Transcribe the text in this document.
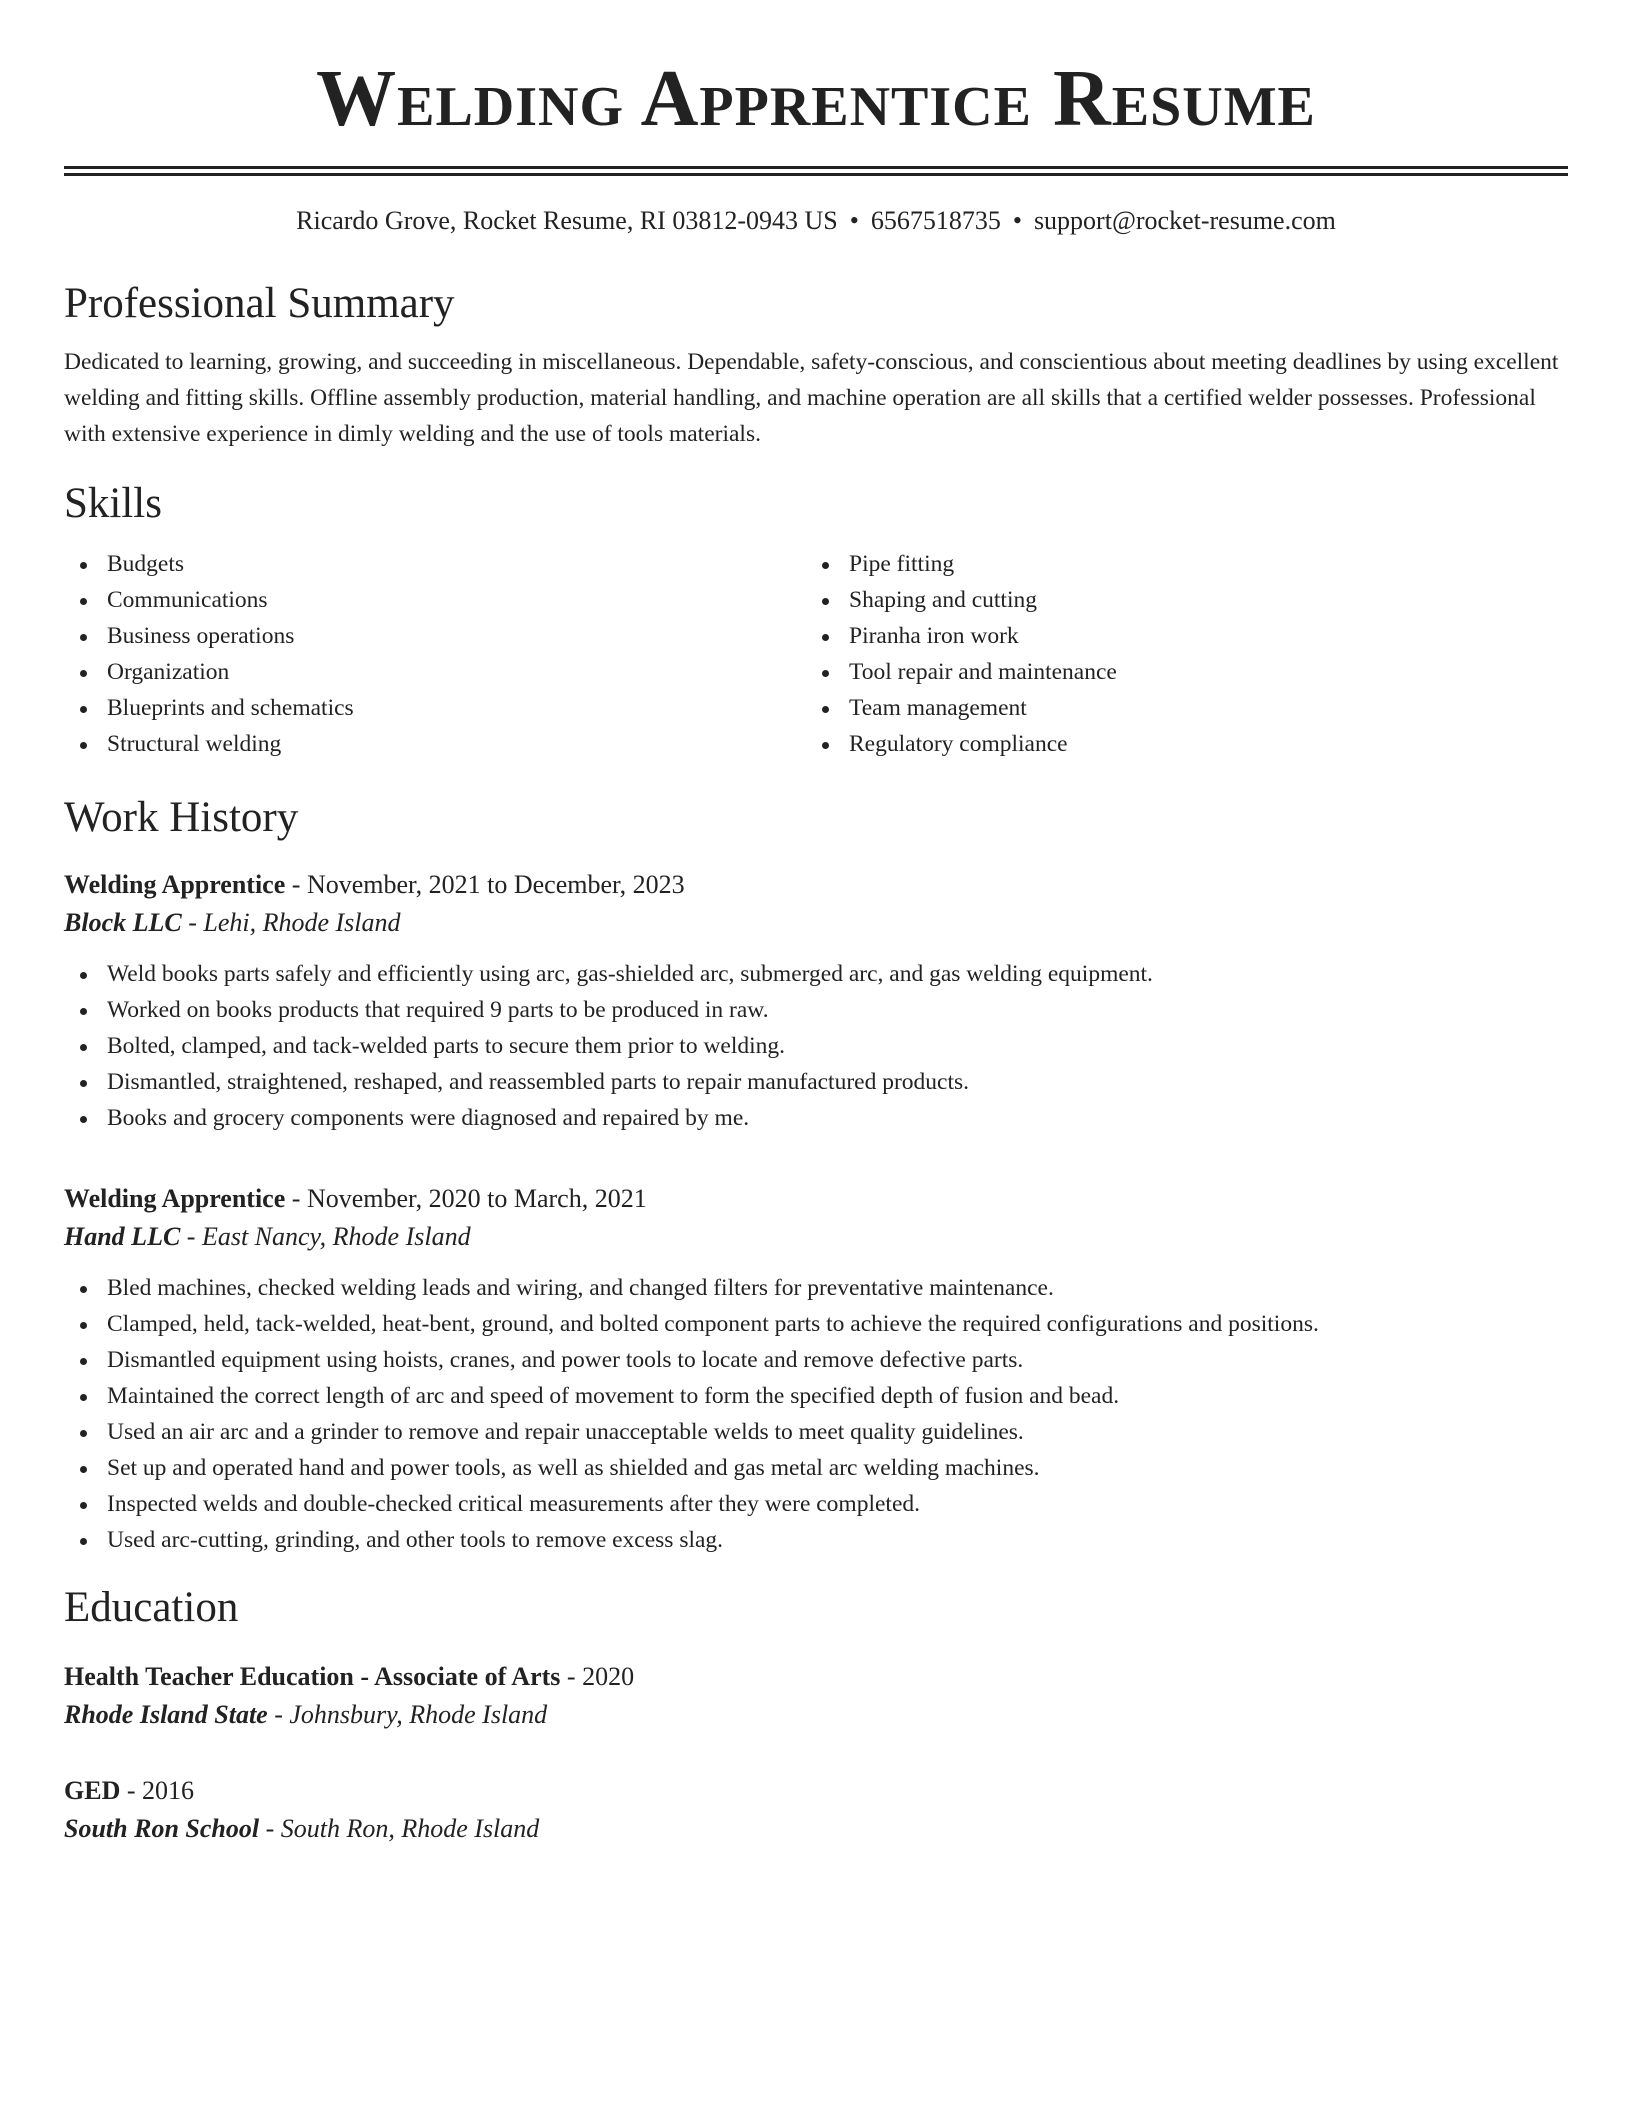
Welding Apprentice Resume
Ricardo Grove, Rocket Resume, RI 03812-0943 US • 6567518735 • support@rocket-resume.com
Professional Summary

Dedicated to learning, growing, and succeeding in miscellaneous. Dependable, safety-conscious, and conscientious about meeting deadlines by using excellent welding and fitting skills. Offline assembly production, material handling, and machine operation are all skills that a certified welder possesses. Professional with extensive experience in dimly welding and the use of tools materials.

Skills
Budgets
Communications
Business operations
Organization
Blueprints and schematics
Structural welding
Pipe fitting
Shaping and cutting
Piranha iron work
Tool repair and maintenance
Team management
Regulatory compliance
Work History
Welding Apprentice - November, 2021 to December, 2023
Block LLC - Lehi, Rhode Island
Weld books parts safely and efficiently using arc, gas-shielded arc, submerged arc, and gas welding equipment.
Worked on books products that required 9 parts to be produced in raw.
Bolted, clamped, and tack-welded parts to secure them prior to welding.
Dismantled, straightened, reshaped, and reassembled parts to repair manufactured products.
Books and grocery components were diagnosed and repaired by me.
Welding Apprentice - November, 2020 to March, 2021
Hand LLC - East Nancy, Rhode Island
Bled machines, checked welding leads and wiring, and changed filters for preventative maintenance.
Clamped, held, tack-welded, heat-bent, ground, and bolted component parts to achieve the required configurations and positions.
Dismantled equipment using hoists, cranes, and power tools to locate and remove defective parts.
Maintained the correct length of arc and speed of movement to form the specified depth of fusion and bead.
Used an air arc and a grinder to remove and repair unacceptable welds to meet quality guidelines.
Set up and operated hand and power tools, as well as shielded and gas metal arc welding machines.
Inspected welds and double-checked critical measurements after they were completed.
Used arc-cutting, grinding, and other tools to remove excess slag.
Education
Health Teacher Education - Associate of Arts - 2020
Rhode Island State - Johnsbury, Rhode Island
GED - 2016
South Ron School - South Ron, Rhode Island
